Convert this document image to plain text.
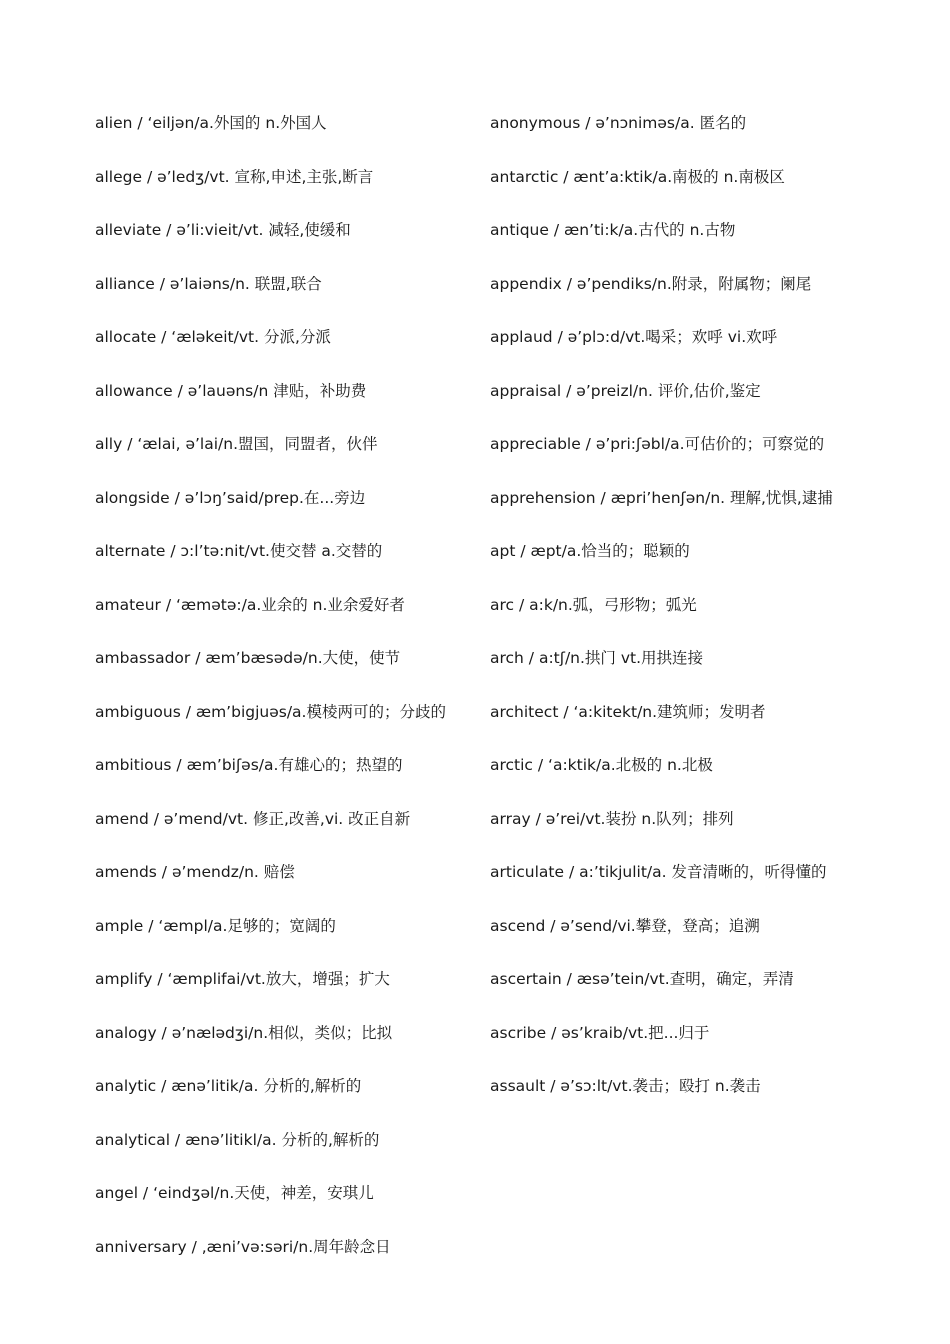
alien / ‘eiljən/a.外国的 n.外国人

allege / ə’ledʒ/vt. 宣称,申述,主张,断言

alleviate / ə’li:vieit/vt. 减轻,使缓和

alliance / ə’laiəns/n. 联盟,联合

allocate / ‘æləkeit/vt. 分派,分派

allowance / ə’lauəns/n 津贴，补助费

ally / ‘ælai, ə’lai/n.盟国，同盟者，伙伴

alongside / ə’lɔŋ’said/prep.在...旁边

alternate / ɔ:l’tə:nit/vt.使交替 a.交替的

amateur / ‘æmətə:/a.业余的 n.业余爱好者

ambassador / æm’bæsədə/n.大使，使节

ambiguous / æm’bigjuəs/a.模棱两可的；分歧的

ambitious / æm’biʃəs/a.有雄心的；热望的

amend / ə’mend/vt. 修正,改善,vi. 改正自新

amends / ə’mendz/n. 赔偿

ample / ‘æmpl/a.足够的；宽阔的

amplify / ‘æmplifai/vt.放大，增强；扩大

analogy / ə’nælədʒi/n.相似，类似；比拟

analytic / ænə’litik/a. 分析的,解析的

analytical / ænə’litikl/a. 分析的,解析的

angel / ‘eindʒəl/n.天使，神差，安琪儿

anniversary / ,æni’və:səri/n.周年龄念日

anonymous / ə’nɔniməs/a. 匿名的

antarctic / ænt’a:ktik/a.南极的 n.南极区

antique / æn’ti:k/a.古代的 n.古物

appendix / ə’pendiks/n.附录，附属物；阑尾

applaud / ə’plɔ:d/vt.喝采；欢呼 vi.欢呼

appraisal / ə’preizl/n. 评价,估价,鉴定

appreciable / ə’pri:ʃəbl/a.可估价的；可察觉的

apprehension / æpri’henʃən/n. 理解,忧惧,逮捕

apt / æpt/a.恰当的；聪颖的

arc / a:k/n.弧，弓形物；弧光

arch / a:tʃ/n.拱门 vt.用拱连接

architect / ‘a:kitekt/n.建筑师；发明者

arctic / ‘a:ktik/a.北极的 n.北极

array / ə’rei/vt.装扮 n.队列；排列

articulate / a:’tikjulit/a. 发音清晰的，听得懂的

ascend / ə’send/vi.攀登，登高；追溯

ascertain / æsə’tein/vt.查明，确定，弄清

ascribe / əs’kraib/vt.把...归于

assault / ə’sɔ:lt/vt.袭击；殴打 n.袭击
